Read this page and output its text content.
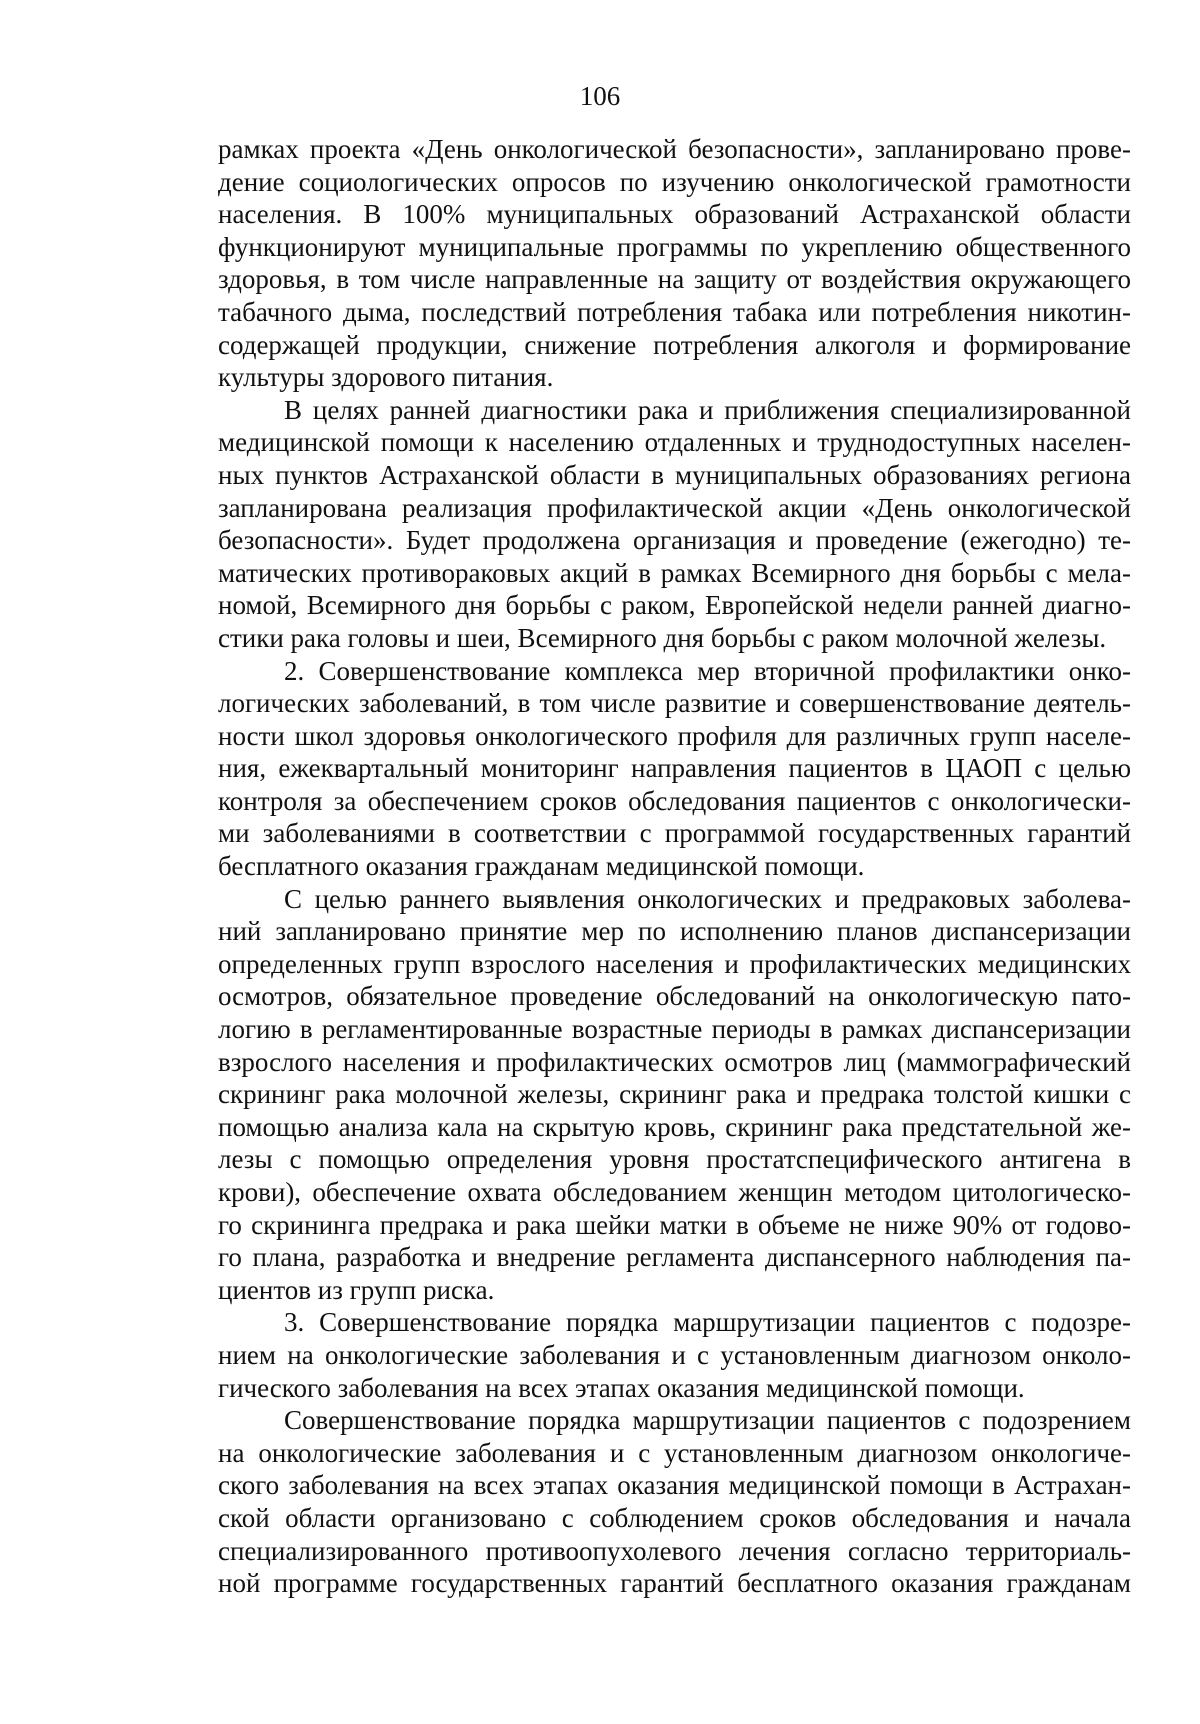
106
рамках проекта «День онкологической безопасности», запланировано прове-
дение социологических опросов по изучению онкологической грамотности
населения. В 100% муниципальных образований Астраханской области
функционируют муниципальные программы по укреплению общественного
здоровья, в том числе направленные на защиту от воздействия окружающего
табачного дыма, последствий потребления табака или потребления никотин-
содержащей продукции, снижение потребления алкоголя и формирование
культуры здорового питания.
В целях ранней диагностики рака и приближения специализированной
медицинской помощи к населению отдаленных и труднодоступных населен-
ных пунктов Астраханской области в муниципальных образованиях региона
запланирована реализация профилактической акции «День онкологической
безопасности». Будет продолжена организация и проведение (ежегодно) те-
матических противораковых акций в рамках Всемирного дня борьбы с мела-
номой, Всемирного дня борьбы с раком, Европейской недели ранней диагно-
стики рака головы и шеи, Всемирного дня борьбы с раком молочной железы.
2. Совершенствование комплекса мер вторичной профилактики онко-
логических заболеваний, в том числе развитие и совершенствование деятель-
ности школ здоровья онкологического профиля для различных групп населе-
ния, ежеквартальный мониторинг направления пациентов в ЦАОП с целью
контроля за обеспечением сроков обследования пациентов с онкологически-
ми заболеваниями в соответствии с программой государственных гарантий
бесплатного оказания гражданам медицинской помощи.
С целью раннего выявления онкологических и предраковых заболева-
ний запланировано принятие мер по исполнению планов диспансеризации
определенных групп взрослого населения и профилактических медицинских
осмотров, обязательное проведение обследований на онкологическую пато-
логию в регламентированные возрастные периоды в рамках диспансеризации
взрослого населения и профилактических осмотров лиц (маммографический
скрининг рака молочной железы, скрининг рака и предрака толстой кишки с
помощью анализа кала на скрытую кровь, скрининг рака предстательной же-
лезы с помощью определения уровня простатспецифического антигена в
крови), обеспечение охвата обследованием женщин методом цитологическо-
го скрининга предрака и рака шейки матки в объеме не ниже 90% от годово-
го плана, разработка и внедрение регламента диспансерного наблюдения па-
циентов из групп риска.
3. Совершенствование порядка маршрутизации пациентов с подозре-
нием на онкологические заболевания и с установленным диагнозом онколо-
гического заболевания на всех этапах оказания медицинской помощи.
Совершенствование порядка маршрутизации пациентов с подозрением
на онкологические заболевания и с установленным диагнозом онкологиче-
ского заболевания на всех этапах оказания медицинской помощи в Астрахан-
ской области организовано с соблюдением сроков обследования и начала
специализированного противоопухолевого лечения согласно территориаль-
ной программе государственных гарантий бесплатного оказания гражданам
